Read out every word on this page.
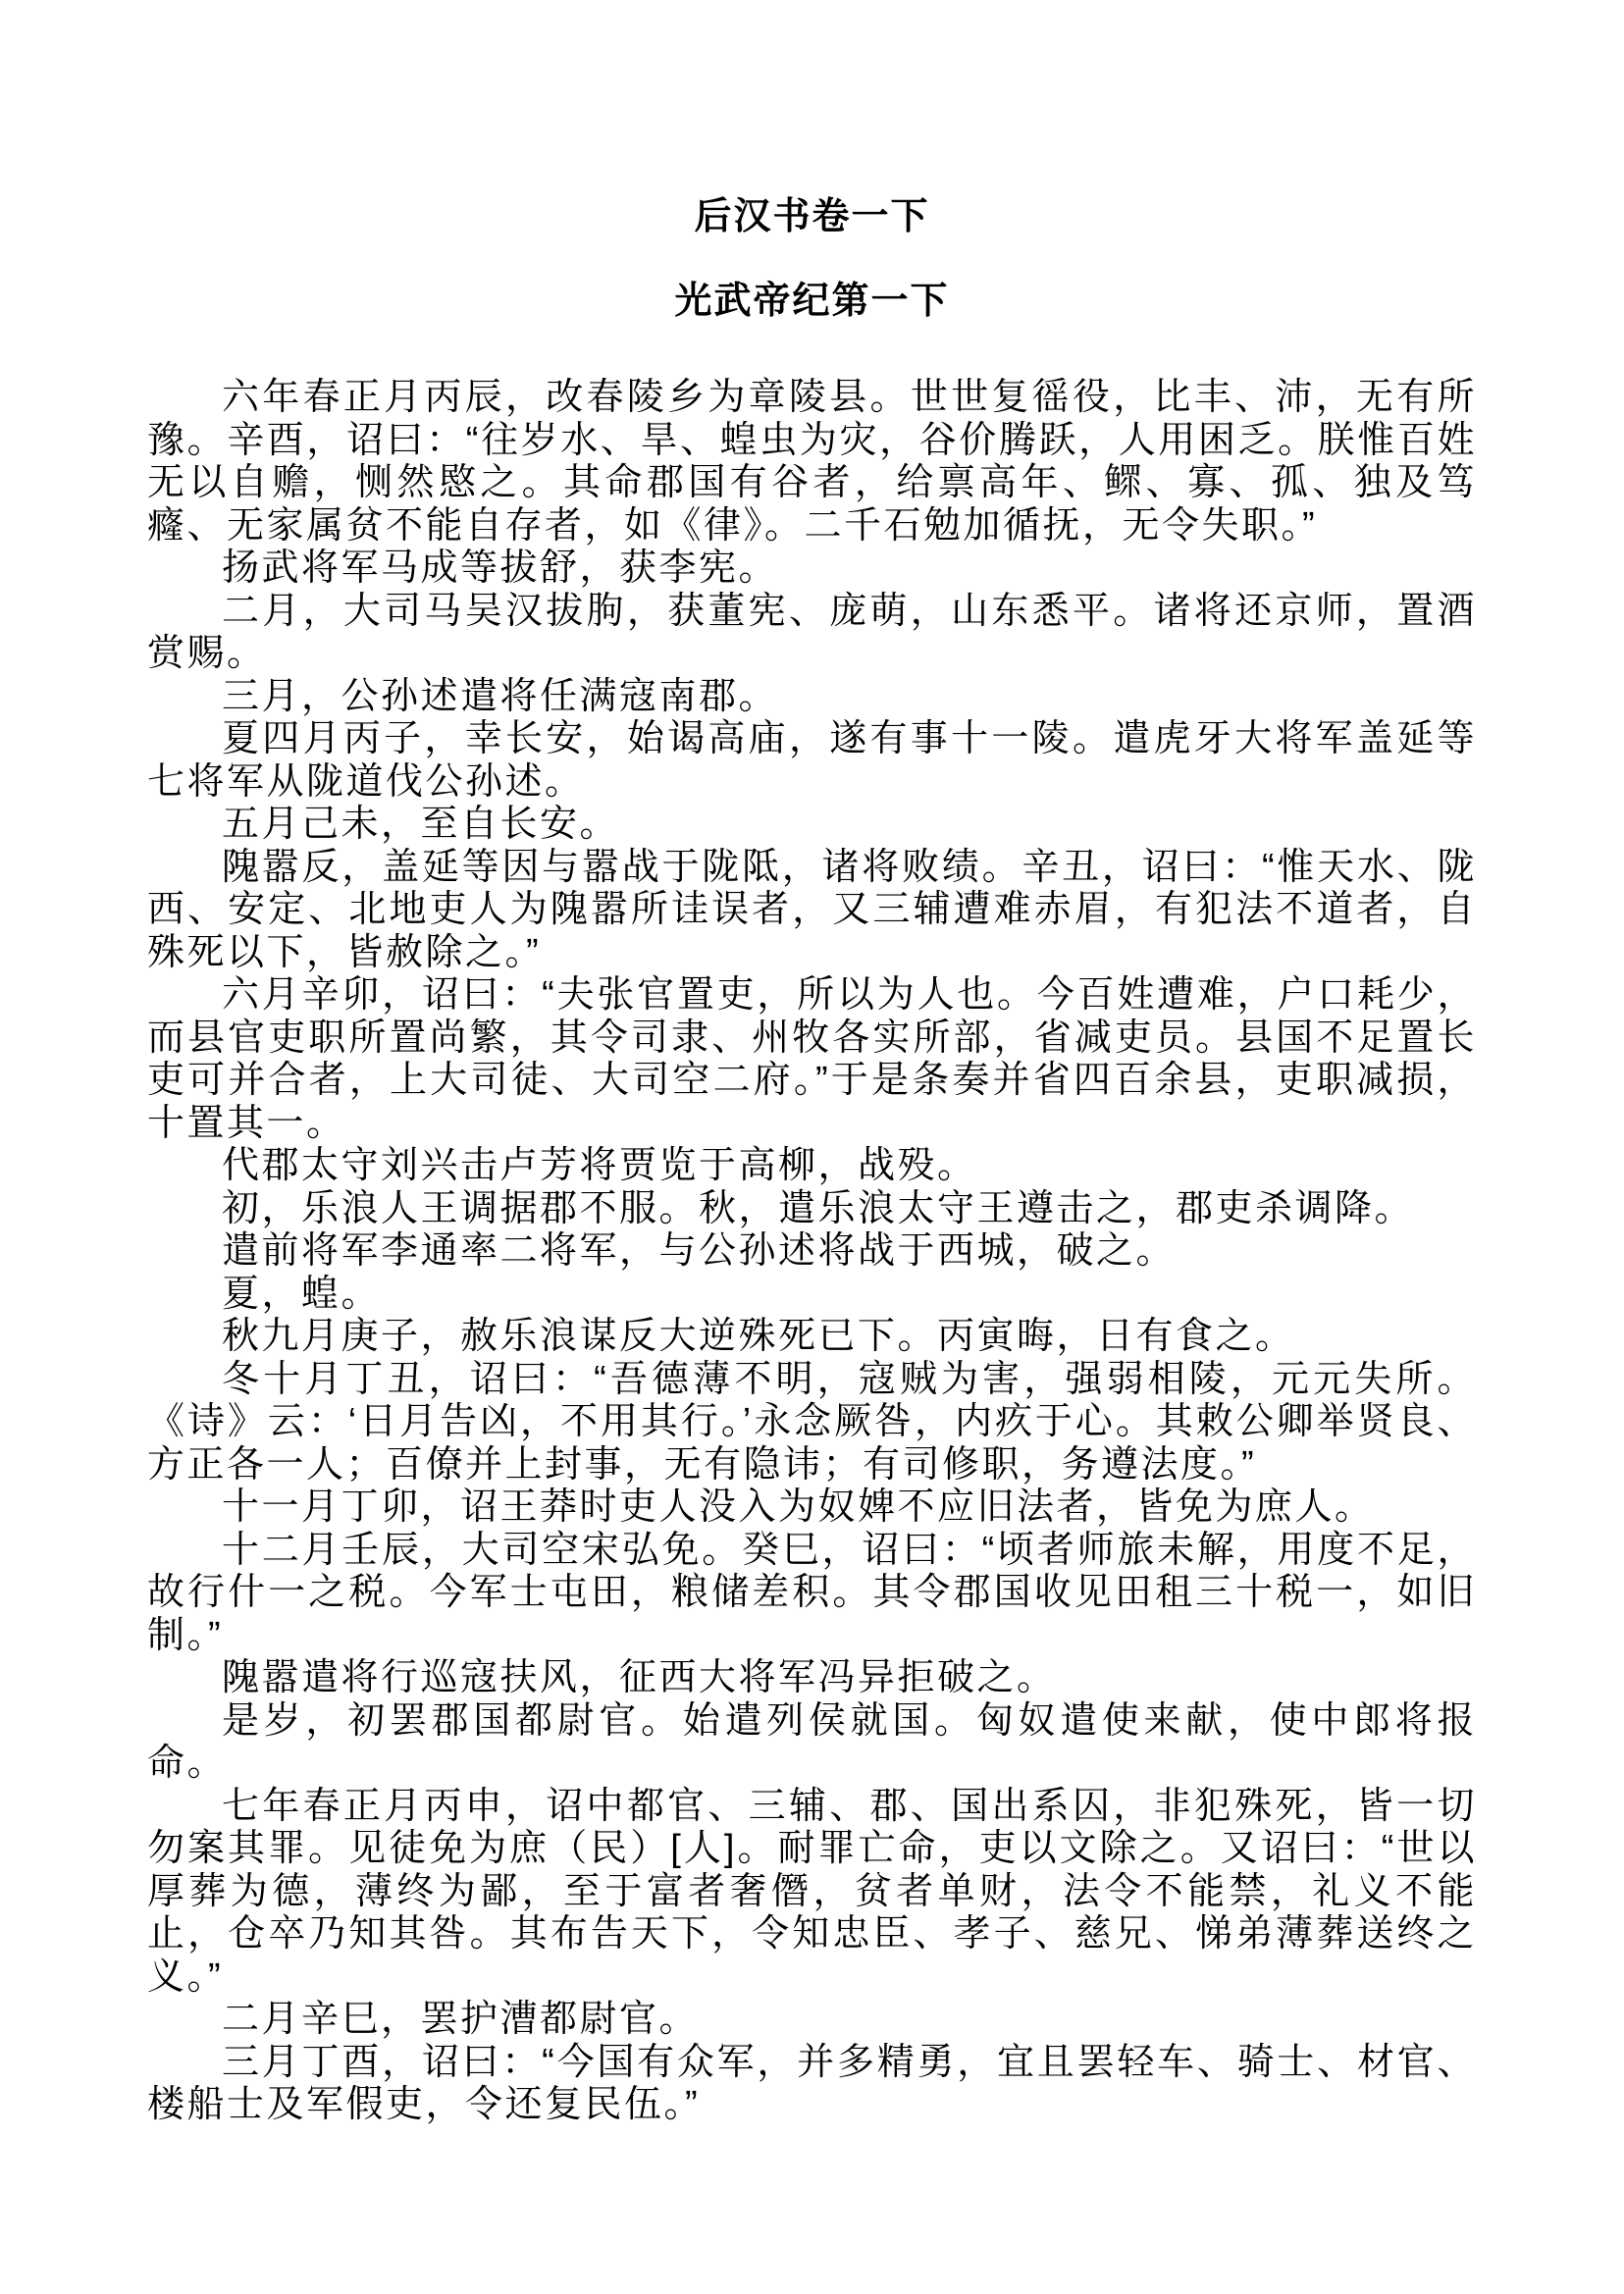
后汉书卷一下
光武帝纪第一下

六年春正月丙辰，改春陵乡为章陵县。世世复徭役，比丰、沛，无有所豫。辛酉，诏曰：“往岁水、旱、蝗虫为灾，谷价腾跃，人用困乏。朕惟百姓无以自赡，恻然愍之。其命郡国有谷者，给禀高年、鳏、寡、孤、独及笃癃、无家属贫不能自存者，如《律》。二千石勉加循抚，无令失职。”

扬武将军马成等拔舒，获李宪。

二月，大司马吴汉拔朐，获董宪、庞萌，山东悉平。诸将还京师，置酒赏赐。

三月，公孙述遣将任满寇南郡。

夏四月丙子，幸长安，始谒高庙，遂有事十一陵。遣虎牙大将军盖延等七将军从陇道伐公孙述。

五月己未，至自长安。

隗嚣反，盖延等因与嚣战于陇阺，诸将败绩。辛丑，诏曰：“惟天水、陇西、安定、北地吏人为隗嚣所诖误者，又三辅遭难赤眉，有犯法不道者，自殊死以下，皆赦除之。”

六月辛卯，诏曰：“夫张官置吏，所以为人也。今百姓遭难，户口耗少，而县官吏职所置尚繁，其令司隶、州牧各实所部，省减吏员。县国不足置长吏可并合者，上大司徒、大司空二府。”于是条奏并省四百余县，吏职减损，十置其一。

代郡太守刘兴击卢芳将贾览于高柳，战殁。

初，乐浪人王调据郡不服。秋，遣乐浪太守王遵击之，郡吏杀调降。

遣前将军李通率二将军，与公孙述将战于西城，破之。

夏，蝗。

秋九月庚子，赦乐浪谋反大逆殊死已下。丙寅晦，日有食之。

冬十月丁丑，诏曰：“吾德薄不明，寇贼为害，强弱相陵，元元失所。《诗》云：‘日月告凶，不用其行。’永念厥咎，内疚于心。其敕公卿举贤良、方正各一人；百僚并上封事，无有隐讳；有司修职，务遵法度。”

十一月丁卯，诏王莽时吏人没入为奴婢不应旧法者，皆免为庶人。

十二月壬辰，大司空宋弘免。癸巳，诏曰：“顷者师旅未解，用度不足，故行什一之税。今军士屯田，粮储差积。其令郡国收见田租三十税一，如旧制。”

隗嚣遣将行巡寇扶风，征西大将军冯异拒破之。

是岁，初罢郡国都尉官。始遣列侯就国。匈奴遣使来献，使中郎将报命。

七年春正月丙申，诏中都官、三辅、郡、国出系囚，非犯殊死，皆一切勿案其罪。见徒免为庶（民）[人]。耐罪亡命，吏以文除之。又诏曰：“世以厚葬为德，薄终为鄙，至于富者奢僭，贫者单财，法令不能禁，礼义不能止，仓卒乃知其咎。其布告天下，令知忠臣、孝子、慈兄、悌弟薄葬送终之义。”

二月辛巳，罢护漕都尉官。

三月丁酉，诏曰：“今国有众军，并多精勇，宜且罢轻车、骑士、材官、楼船士及军假吏，令还复民伍。”
